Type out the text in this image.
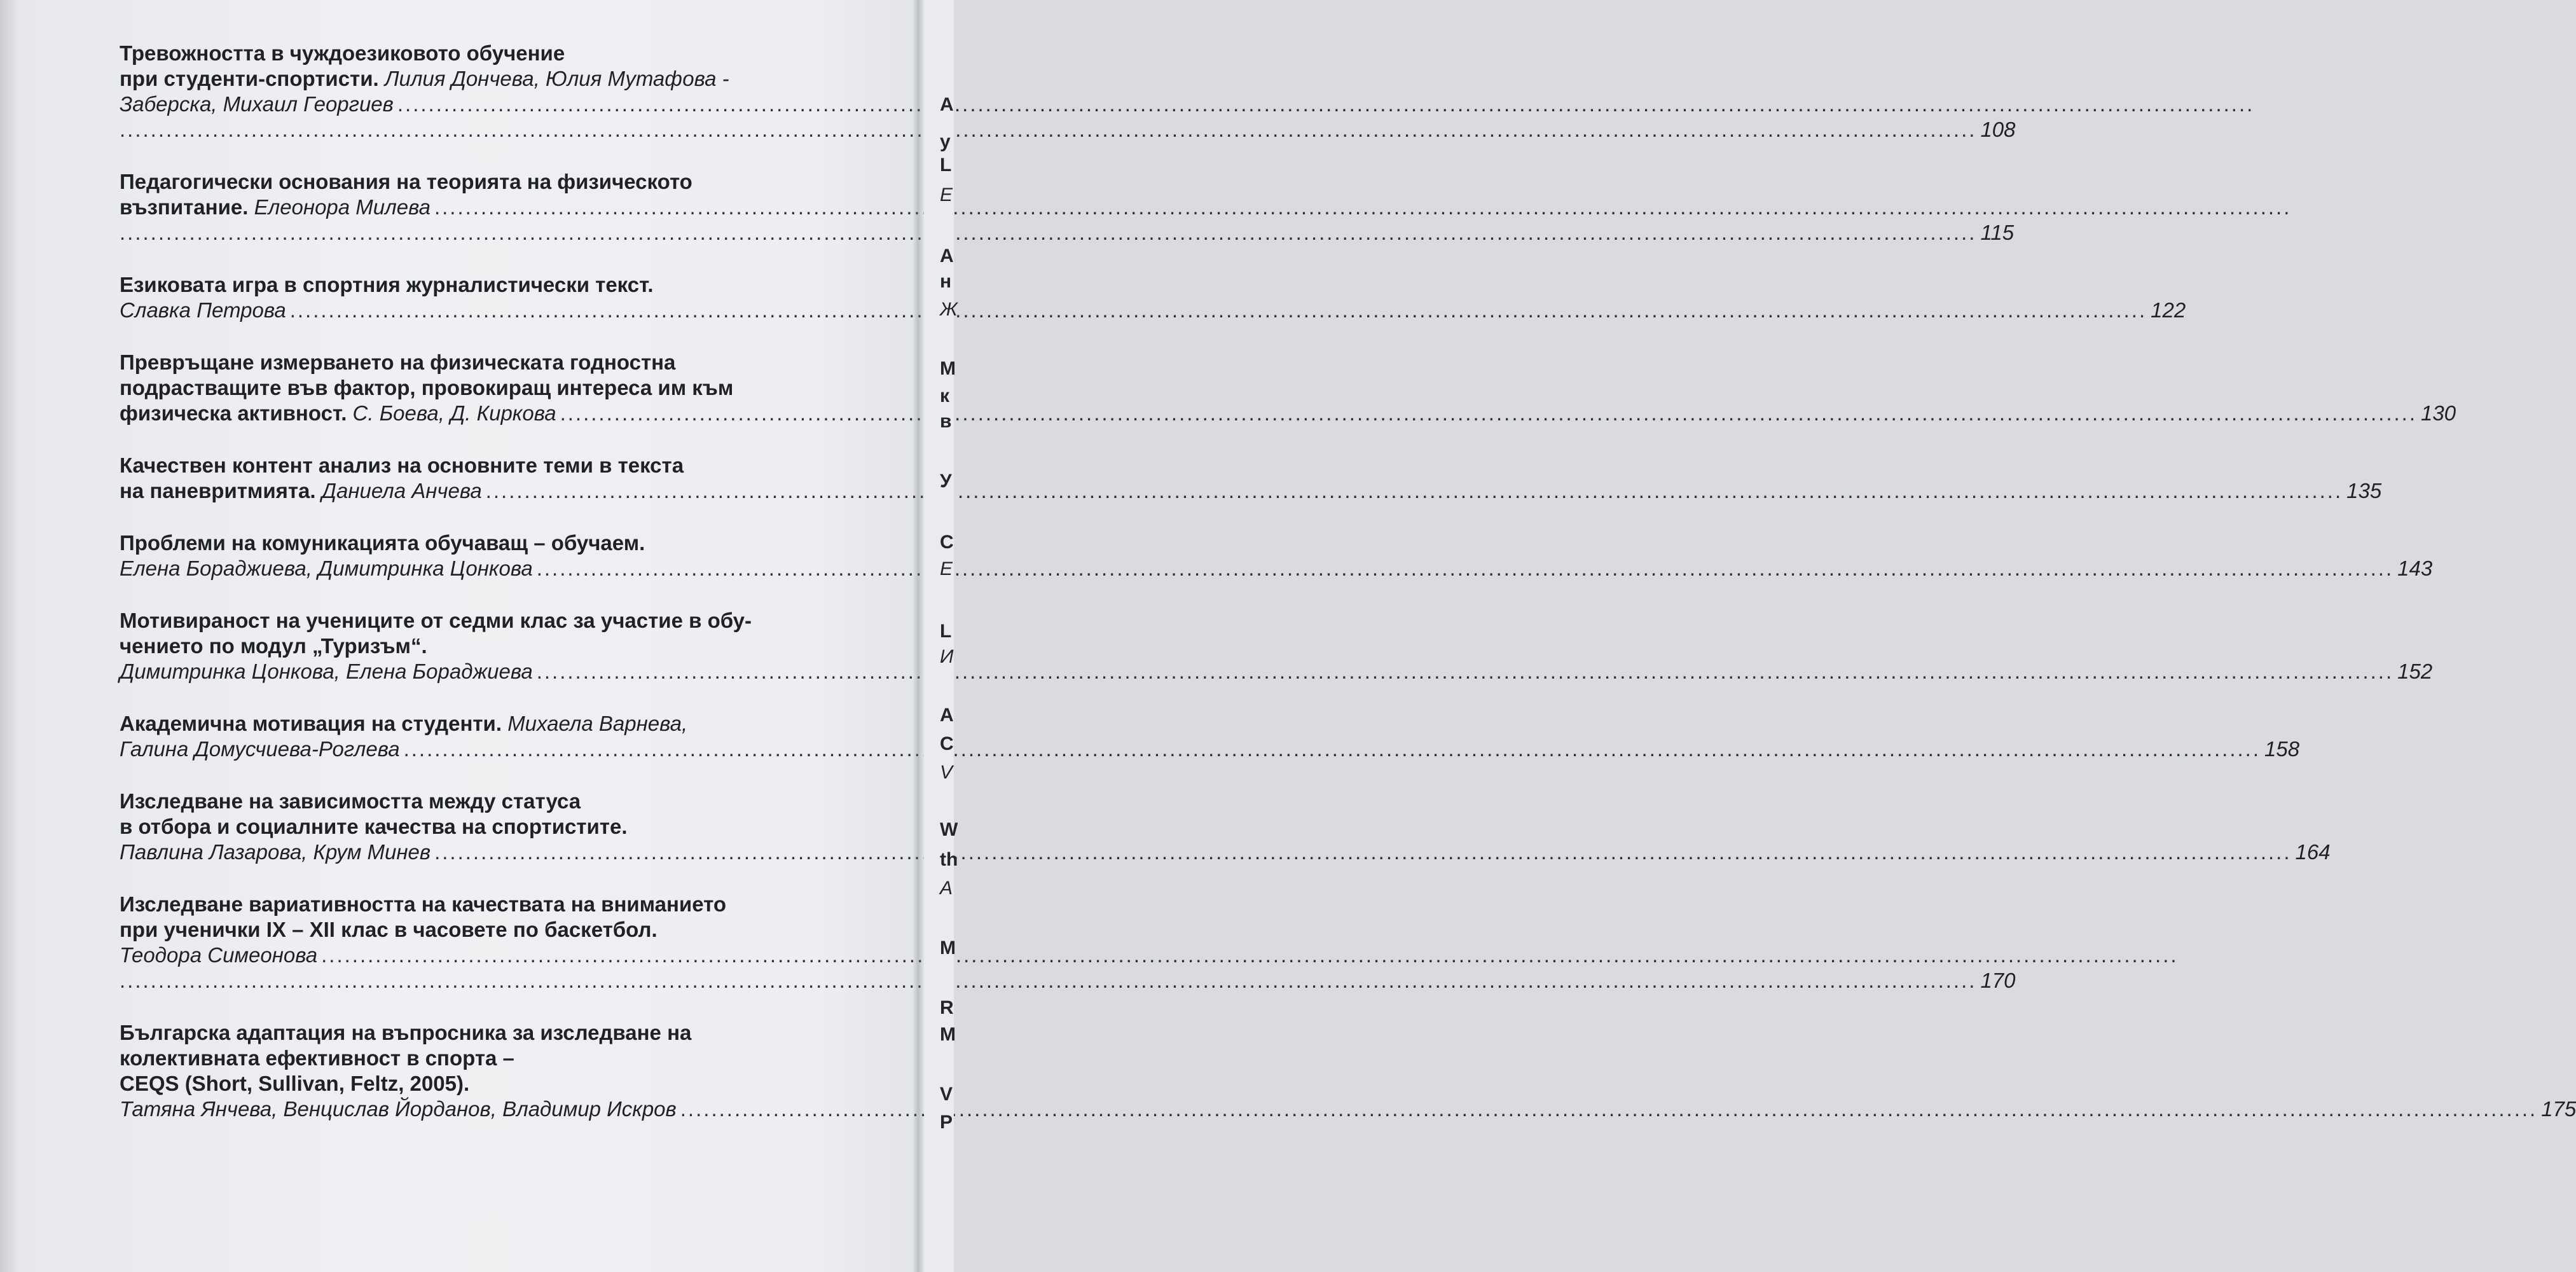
Тревожността в чуждоезиковото обучение
при студенти-спортисти. Лилия Дончева, Юлия Мутафова -
Заберска, Михаил Георгиев
.....
.....
108
Педагогически основания на теорията на физическото
възпитание. Елеонора Милева
.....
.....
115
Езиковата игра в спортния журналистически текст.
Славка Петрова .....	122
Превръщане измерването на физическата годностна
подрастващите във фактор, провокиращ интереса им към
физическа активност. С. Боева, Д. Киркова .....	130
Качествен контент анализ на основните теми в текста
на паневритмията. Даниела Анчева .....	135
Проблеми на комуникацията обучаващ – обучаем.
Елена Бораджиева, Димитринка Цонкова .....	143
Мотивираност на учениците от седми клас за участие в обу-
чението по модул „Туризъм“.
Димитринка Цонкова, Елена Бораджиева .....	152
Академична мотивация на студенти. Михаела Варнева,
Галина Домусчиева-Роглева .....	158
Изследване на зависимостта между статуса
в отбора и социалните качества на спортистите.
Павлина Лазарова, Крум Минев .....	164
Изследване вариативността на качествата на вниманието
при ученички IX – XII клас в часовете по баскетбол.
Теодора Симеонова
.....
.....
170
Българска адаптация на въпросника за изследване на
колективната ефективност в спорта –
CEQS (Short, Sullivan, Feltz, 2005).
Татяна Янчева, Венцислав Йорданов, Владимир Искров .....	175
A
у
L
E
A
н
Ж
M
к
в
У
C
E
L
И
A
C
V
W
th
A
M
R
M
V
P
